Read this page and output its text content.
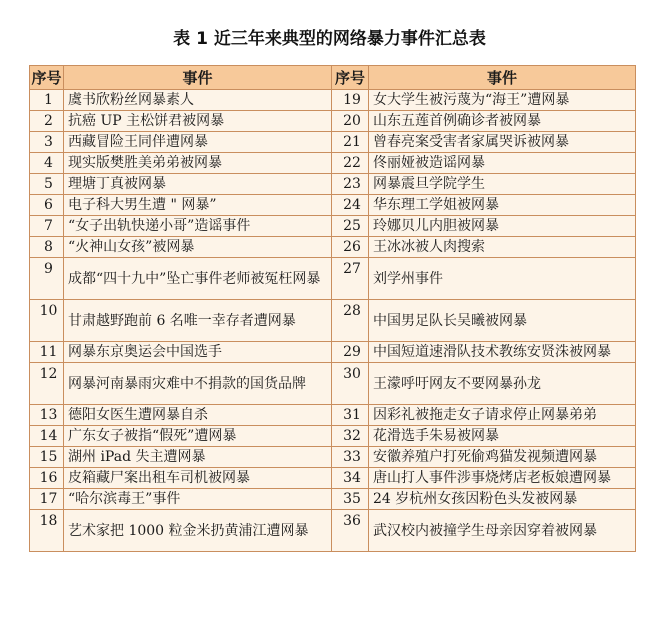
表 1 近三年来典型的网络暴力事件汇总表
序号	事件	序号	事件
1	虞书欣粉丝网暴素人	19	女大学生被污蔑为“海王”遭网暴
2	抗癌 UP 主松饼君被网暴	20	山东五莲首例确诊者被网暴
3	西藏冒险王同伴遭网暴	21	曾春亮案受害者家属哭诉被网暴
4	现实版樊胜美弟弟被网暴	22	佟丽娅被造谣网暴
5	理塘丁真被网暴	23	网暴震旦学院学生
6	电子科大男生遭 " 网暴”	24	华东理工学姐被网暴
7	“女子出轨快递小哥”造谣事件	25	玲娜贝儿内胆被网暴
8	“火神山女孩”被网暴	26	王冰冰被人肉搜索
9	成都“四十九中”坠亡事件老师被冤枉网暴	27	刘学州事件
10	甘肃越野跑前 6 名唯一幸存者遭网暴	28	中国男足队长吴曦被网暴
11	网暴东京奥运会中国选手	29	中国短道速滑队技术教练安贤洙被网暴
12	网暴河南暴雨灾难中不捐款的国货品牌	30	王濛呼吁网友不要网暴孙龙
13	德阳女医生遭网暴自杀	31	因彩礼被拖走女子请求停止网暴弟弟
14	广东女子被指“假死”遭网暴	32	花滑选手朱易被网暴
15	湖州 iPad 失主遭网暴	33	安徽养殖户打死偷鸡猫发视频遭网暴
16	皮箱藏尸案出租车司机被网暴	34	唐山打人事件涉事烧烤店老板娘遭网暴
17	“哈尔滨毒王”事件	35	24 岁杭州女孩因粉色头发被网暴
18	艺术家把 1000 粒金米扔黄浦江遭网暴	36	武汉校内被撞学生母亲因穿着被网暴
